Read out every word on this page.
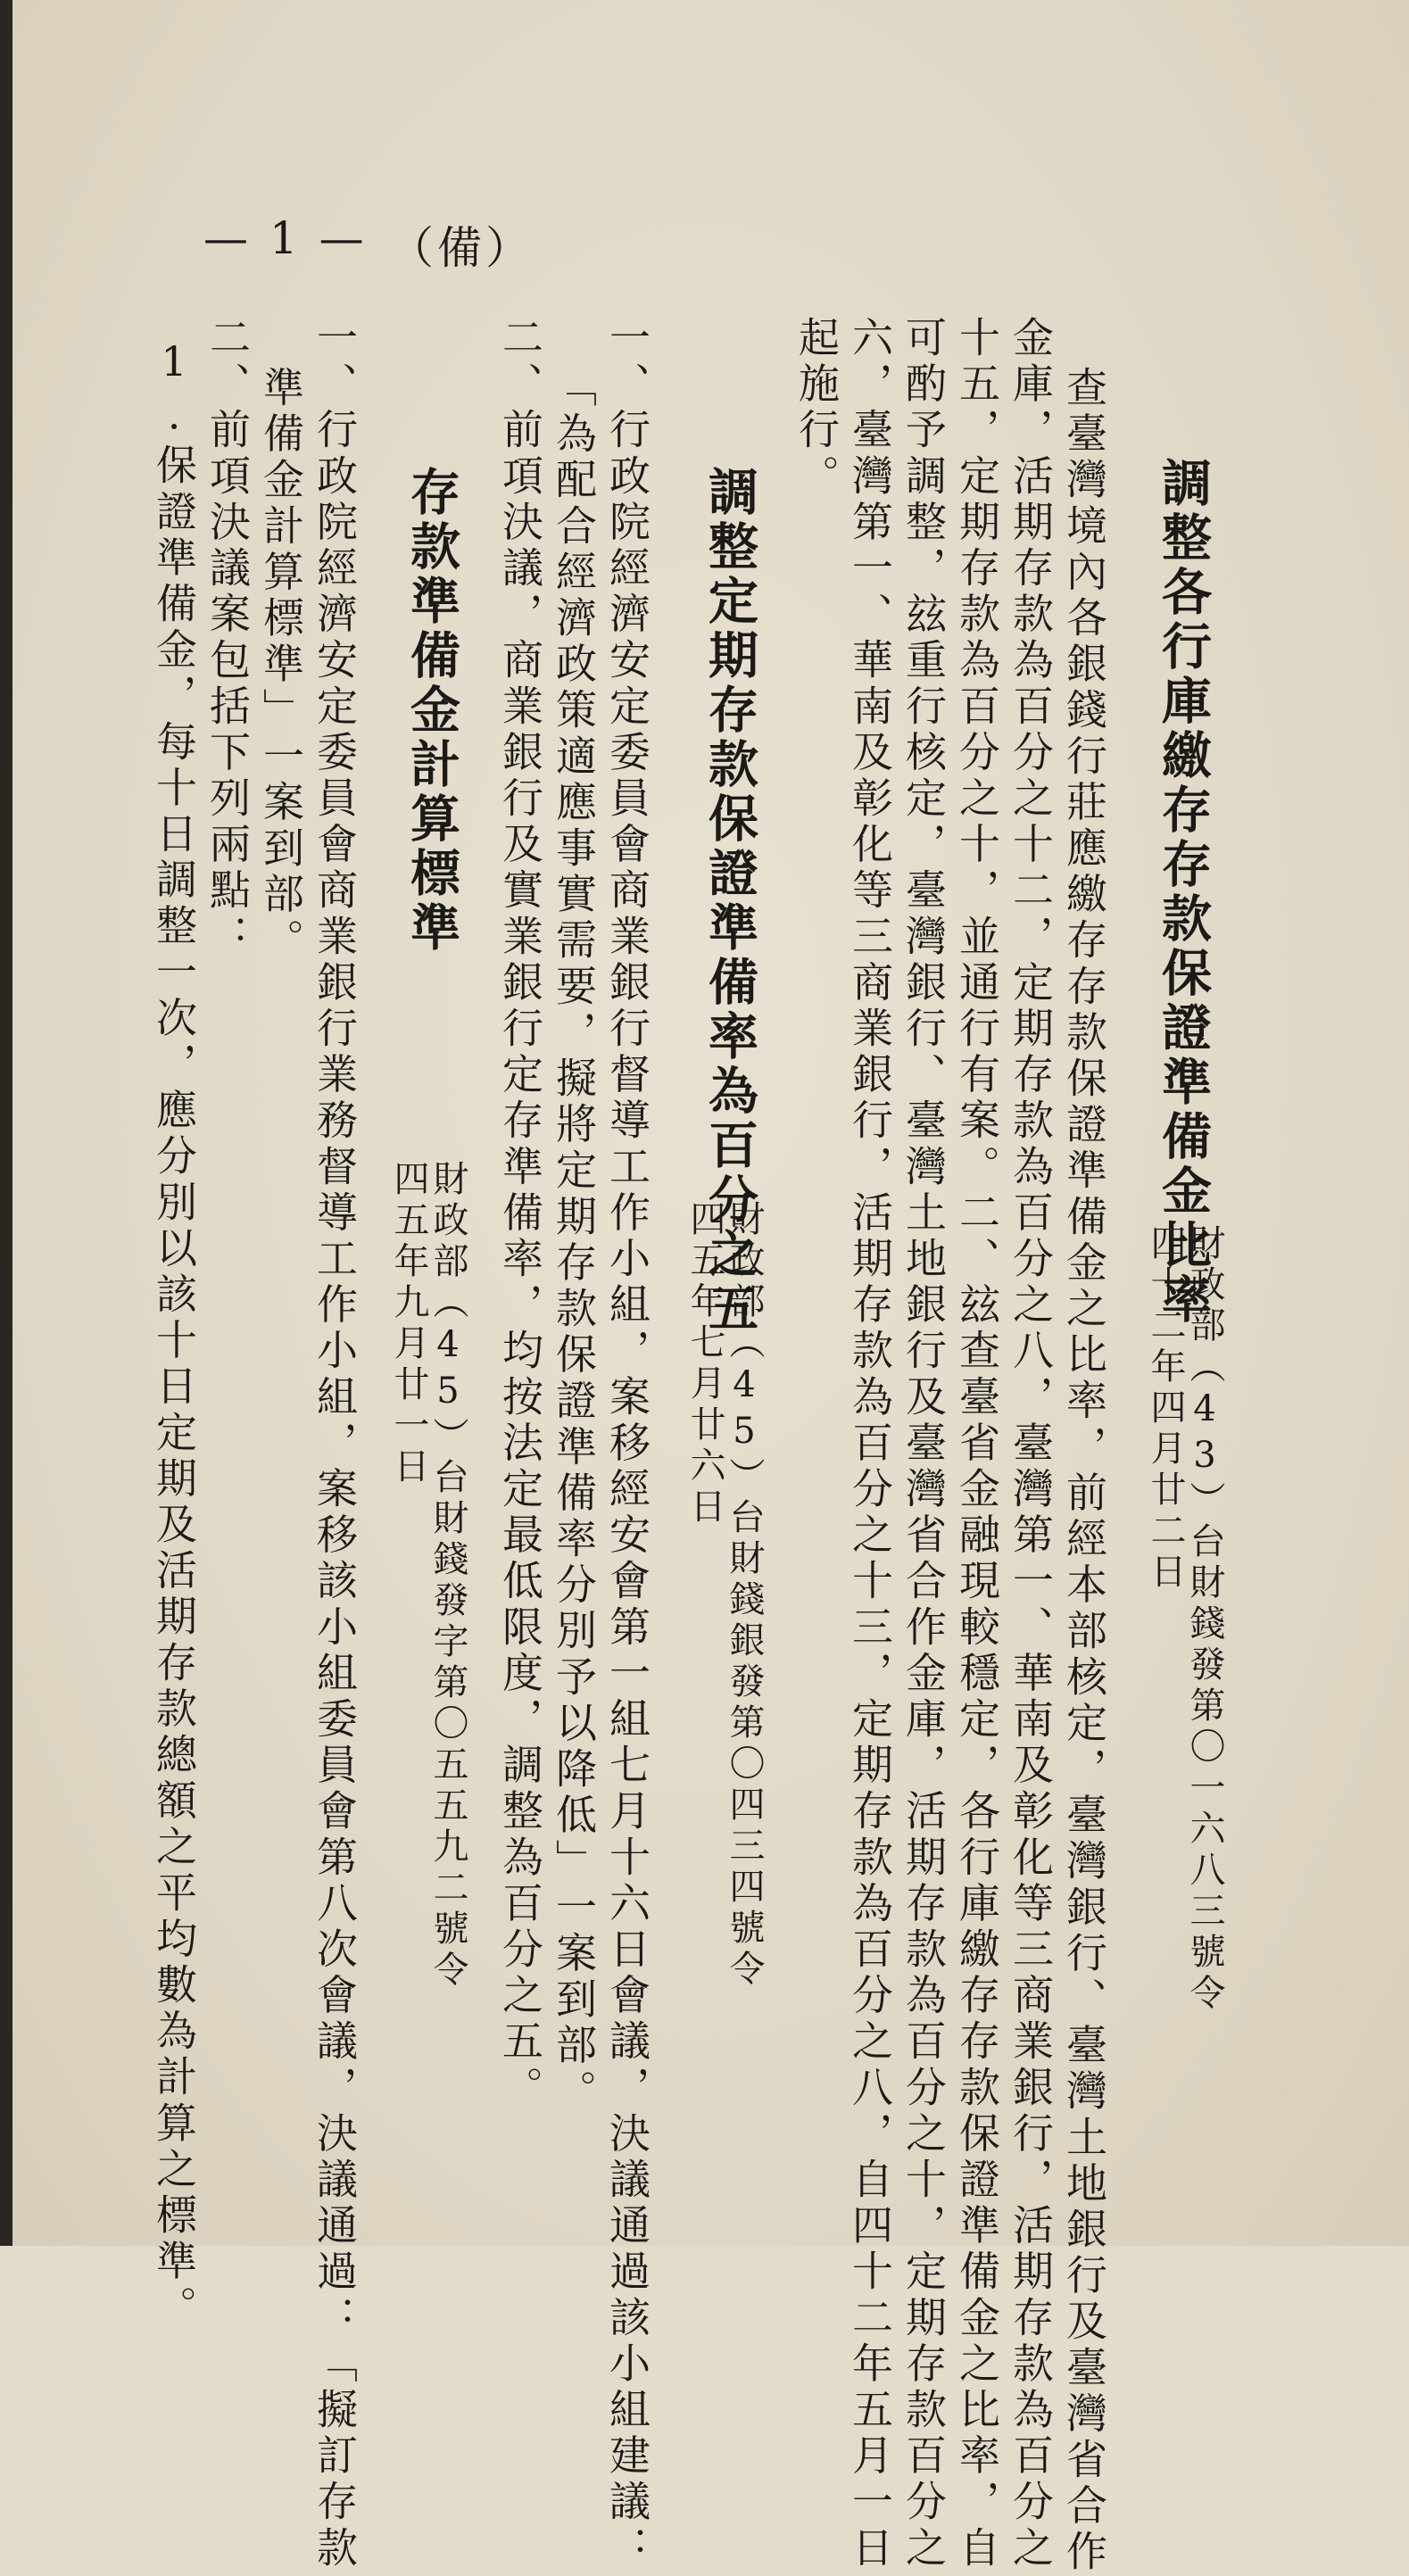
調整各行庫繳存存款保證準備金比率
財政部（43）台財錢發第〇一六八三號令
四十二年四月廿二日
查臺灣境內各銀錢行莊應繳存存款保證準備金之比率，前經本部核定，臺灣銀行、臺灣土地銀行及臺灣省合作
金庫，活期存款為百分之十二，定期存款為百分之八，臺灣第一、華南及彰化等三商業銀行，活期存款為百分之
十五，定期存款為百分之十，並通行有案。二、玆查臺省金融現較穩定，各行庫繳存存款保證準備金之比率，自
可酌予調整，玆重行核定，臺灣銀行、臺灣土地銀行及臺灣省合作金庫，活期存款為百分之十，定期存款百分之
六，臺灣第一、華南及彰化等三商業銀行，活期存款為百分之十三，定期存款為百分之八，自四十二年五月一日
起施行。
調整定期存款保證準備率為百分之五
財政部（45）台財錢銀發第〇四三四號令
四五年七月廿六日
一、行政院經濟安定委員會商業銀行督導工作小組，案移經安會第一組七月十六日會議，決議通過該小組建議：
「為配合經濟政策適應事實需要，擬將定期存款保證準備率分別予以降低」一案到部。
二、前項決議，商業銀行及實業銀行定存準備率，均按法定最低限度，調整為百分之五。
存款準備金計算標準
財政部（45）台財錢發字第〇五五九二號令
四五年九月廿一日
一、行政院經濟安定委員會商業銀行業務督導工作小組，案移該小組委員會第八次會議，決議通過：「擬訂存款
準備金計算標準」一案到部。
二、前項決議案包括下列兩點：
1.保證準備金，每十日調整一次，應分別以該十日定期及活期存款總額之平均數為計算之標準。
— 1 — （備）
